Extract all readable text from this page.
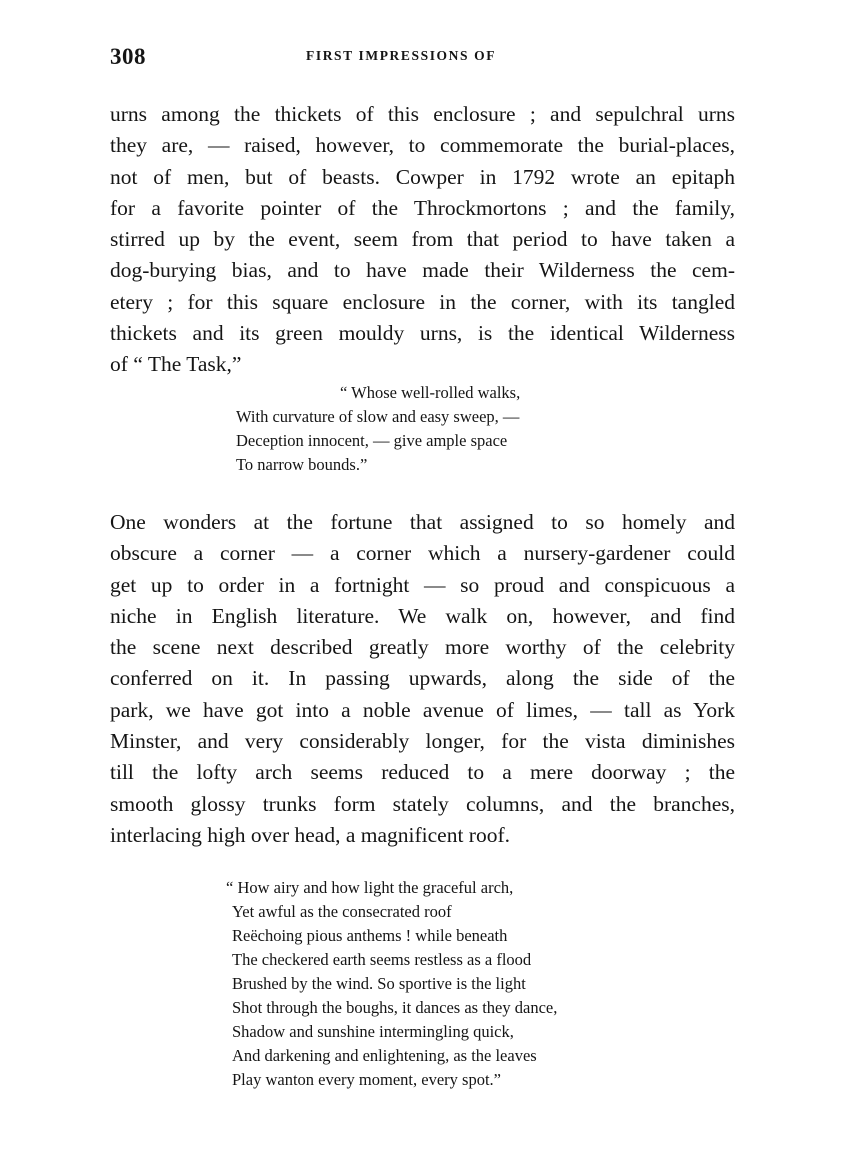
308	FIRST IMPRESSIONS OF
urns among the thickets of this enclosure ; and sepulchral urns
they are, — raised, however, to commemorate the burial-places,
not of men, but of beasts. Cowper in 1792 wrote an epitaph
for a favorite pointer of the Throckmortons ; and the family,
stirred up by the event, seem from that period to have taken a
dog-burying bias, and to have made their Wilderness the cem-
etery ; for this square enclosure in the corner, with its tangled
thickets and its green mouldy urns, is the identical Wilderness
of “ The Task,”
“ Whose well-rolled walks,
With curvature of slow and easy sweep, —
Deception innocent, — give ample space
To narrow bounds.”
One wonders at the fortune that assigned to so homely and
obscure a corner — a corner which a nursery-gardener could
get up to order in a fortnight — so proud and conspicuous a
niche in English literature. We walk on, however, and find
the scene next described greatly more worthy of the celebrity
conferred on it. In passing upwards, along the side of the
park, we have got into a noble avenue of limes, — tall as York
Minster, and very considerably longer, for the vista diminishes
till the lofty arch seems reduced to a mere doorway ; the
smooth glossy trunks form stately columns, and the branches,
interlacing high over head, a magnificent roof.
“ How airy and how light the graceful arch,
Yet awful as the consecrated roof
Reëchoing pious anthems ! while beneath
The checkered earth seems restless as a flood
Brushed by the wind. So sportive is the light
Shot through the boughs, it dances as they dance,
Shadow and sunshine intermingling quick,
And darkening and enlightening, as the leaves
Play wanton every moment, every spot.”
